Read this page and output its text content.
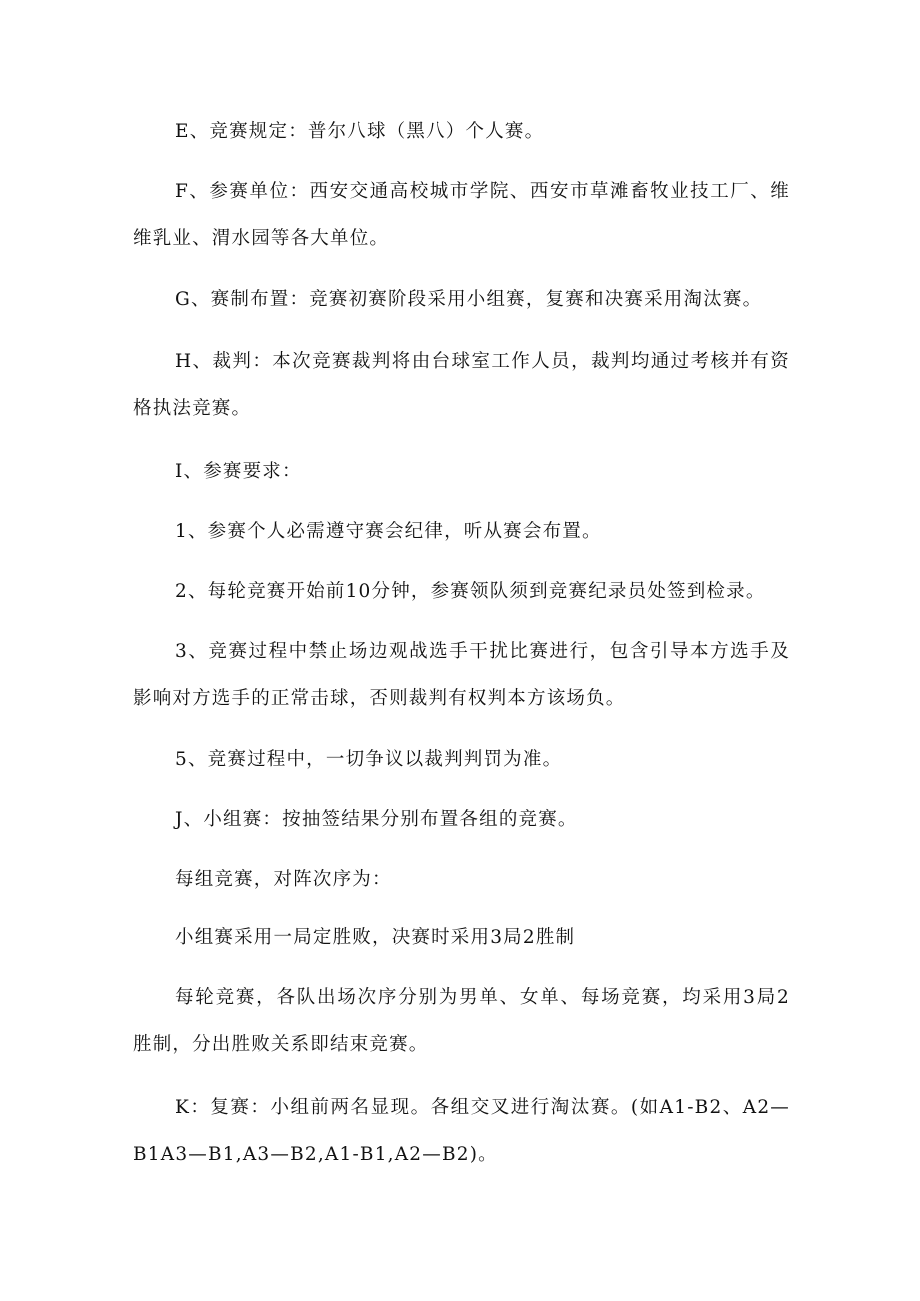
E、竞赛规定：普尔八球（黑八）个人赛。

F、参赛单位：西安交通高校城市学院、西安市草滩畜牧业技工厂、维维乳业、渭水园等各大单位。

G、赛制布置：竞赛初赛阶段采用小组赛，复赛和决赛采用淘汰赛。

H、裁判：本次竞赛裁判将由台球室工作人员，裁判均通过考核并有资格执法竞赛。

I、参赛要求：

1、参赛个人必需遵守赛会纪律，听从赛会布置。

2、每轮竞赛开始前10分钟，参赛领队须到竞赛纪录员处签到检录。

3、竞赛过程中禁止场边观战选手干扰比赛进行，包含引导本方选手及影响对方选手的正常击球，否则裁判有权判本方该场负。

5、竞赛过程中，一切争议以裁判判罚为准。

J、小组赛：按抽签结果分别布置各组的竞赛。

每组竞赛，对阵次序为：

小组赛采用一局定胜败，决赛时采用3局2胜制

每轮竞赛，各队出场次序分别为男单、女单、每场竞赛，均采用3局2胜制，分出胜败关系即结束竞赛。

K：复赛：小组前两名显现。各组交叉进行淘汰赛。(如A1-B2、A2—B1A3—B1,A3—B2,A1-B1,A2—B2)。
